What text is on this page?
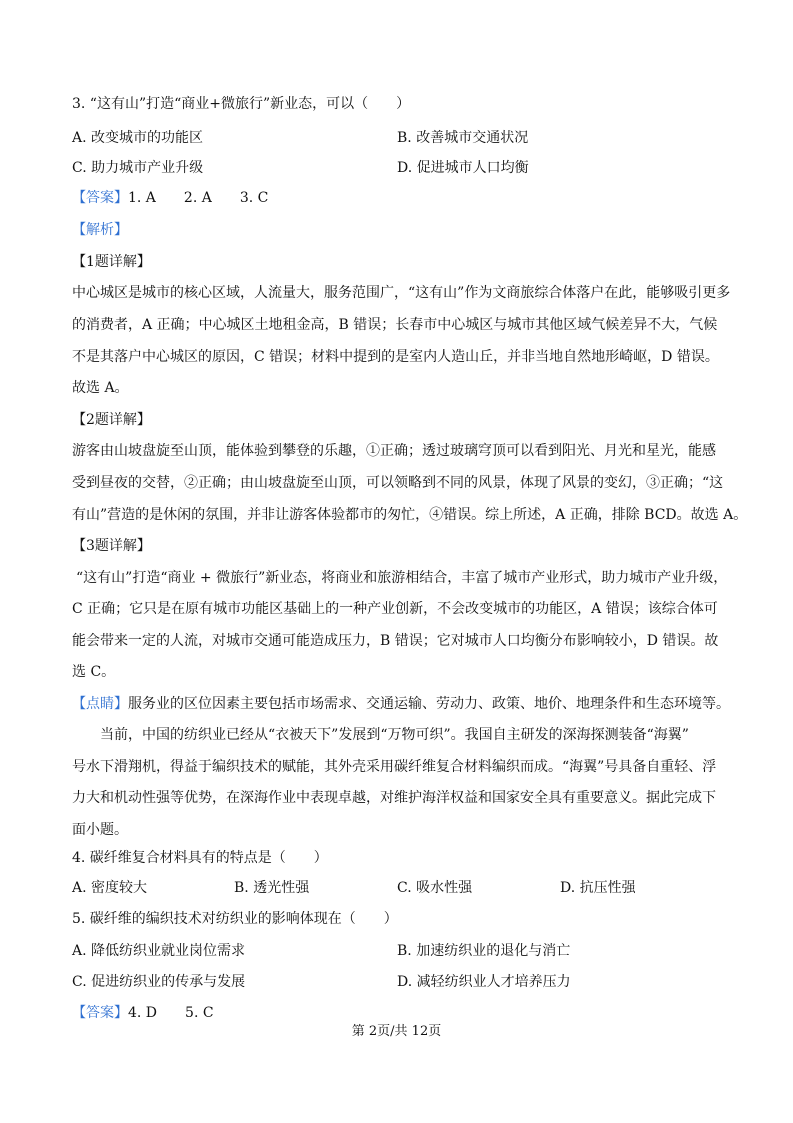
3. “这有山”打造“商业+微旅行”新业态，可以（　　）
A. 改变城市的功能区	B. 改善城市交通状况
C. 助力城市产业升级	D. 促进城市人口均衡
【答案】1. A　　2. A　　3. C
【解析】
【1题详解】
中心城区是城市的核心区域，人流量大，服务范围广，“这有山”作为文商旅综合体落户在此，能够吸引更多
的消费者，A 正确；中心城区土地租金高，B 错误；长春市中心城区与城市其他区域气候差异不大，气候
不是其落户中心城区的原因，C 错误；材料中提到的是室内人造山丘，并非当地自然地形崎岖，D 错误。
故选 A。
【2题详解】
游客由山坡盘旋至山顶，能体验到攀登的乐趣，①正确；透过玻璃穹顶可以看到阳光、月光和星光，能感
受到昼夜的交替，②正确；由山坡盘旋至山顶，可以领略到不同的风景，体现了风景的变幻，③正确；“这
有山”营造的是休闲的氛围，并非让游客体验都市的匆忙，④错误。综上所述，A 正确，排除 BCD。故选 A。
【3题详解】
“这有山”打造“商业 + 微旅行”新业态，将商业和旅游相结合，丰富了城市产业形式，助力城市产业升级，
C 正确；它只是在原有城市功能区基础上的一种产业创新，不会改变城市的功能区，A 错误；该综合体可
能会带来一定的人流，对城市交通可能造成压力，B 错误；它对城市人口均衡分布影响较小，D 错误。故
选 C。
【点睛】服务业的区位因素主要包括市场需求、交通运输、劳动力、政策、地价、地理条件和生态环境等。
当前，中国的纺织业已经从“衣被天下”发展到“万物可织”。我国自主研发的深海探测装备“海翼”
号水下滑翔机，得益于编织技术的赋能，其外壳采用碳纤维复合材料编织而成。“海翼”号具备自重轻、浮
力大和机动性强等优势，在深海作业中表现卓越，对维护海洋权益和国家安全具有重要意义。据此完成下
面小题。
4. 碳纤维复合材料具有的特点是（　　）
A. 密度较大	B. 透光性强	C. 吸水性强	D. 抗压性强
5. 碳纤维的编织技术对纺织业的影响体现在（　　）
A. 降低纺织业就业岗位需求	B. 加速纺织业的退化与消亡
C. 促进纺织业的传承与发展	D. 减轻纺织业人才培养压力
【答案】4. D　　5. C
第 2页/共 12页
